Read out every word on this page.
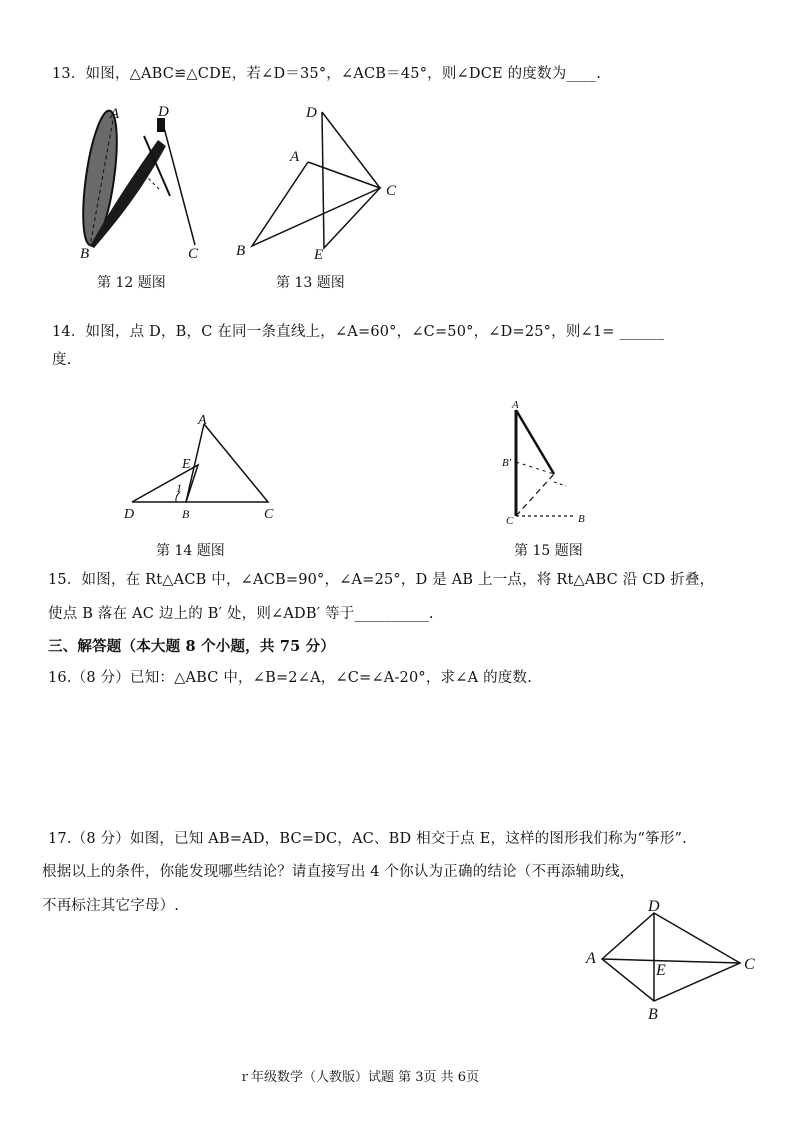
13．如图，△ABC≌△CDE，若∠D＝35°，∠ACB＝45°，则∠DCE 的度数为____.
A	D
B	C
第 12 题图
D
A
C
B	E
第 13 题图
14．如图，点 D，B，C 在同一条直线上，∠A=60°，∠C=50°，∠D=25°，则∠1= ______
度.
A
E
1
D	B	C
第 14 题图
A
B'
C	B
第 15 题图
15．如图，在 Rt△ACB 中，∠ACB=90°，∠A=25°，D 是 AB 上一点，将 Rt△ABC 沿 CD 折叠，
使点 B 落在 AC 边上的 B′ 处，则∠ADB′ 等于__________.
三、解答题（本大题 8 个小题，共 75 分）
16.（8 分）已知：△ABC 中，∠B=2∠A，∠C=∠A-20°，求∠A 的度数.
17.（8 分）如图，已知 AB=AD，BC=DC，AC、BD 相交于点 E，这样的图形我们称为“筝形”.
根据以上的条件，你能发现哪些结论？请直接写出 4 个你认为正确的结论（不再添辅助线，
不再标注其它字母）.	D
A
E	C
B
ｒ年级数学（人教版）试题 第 3页 共 6页
